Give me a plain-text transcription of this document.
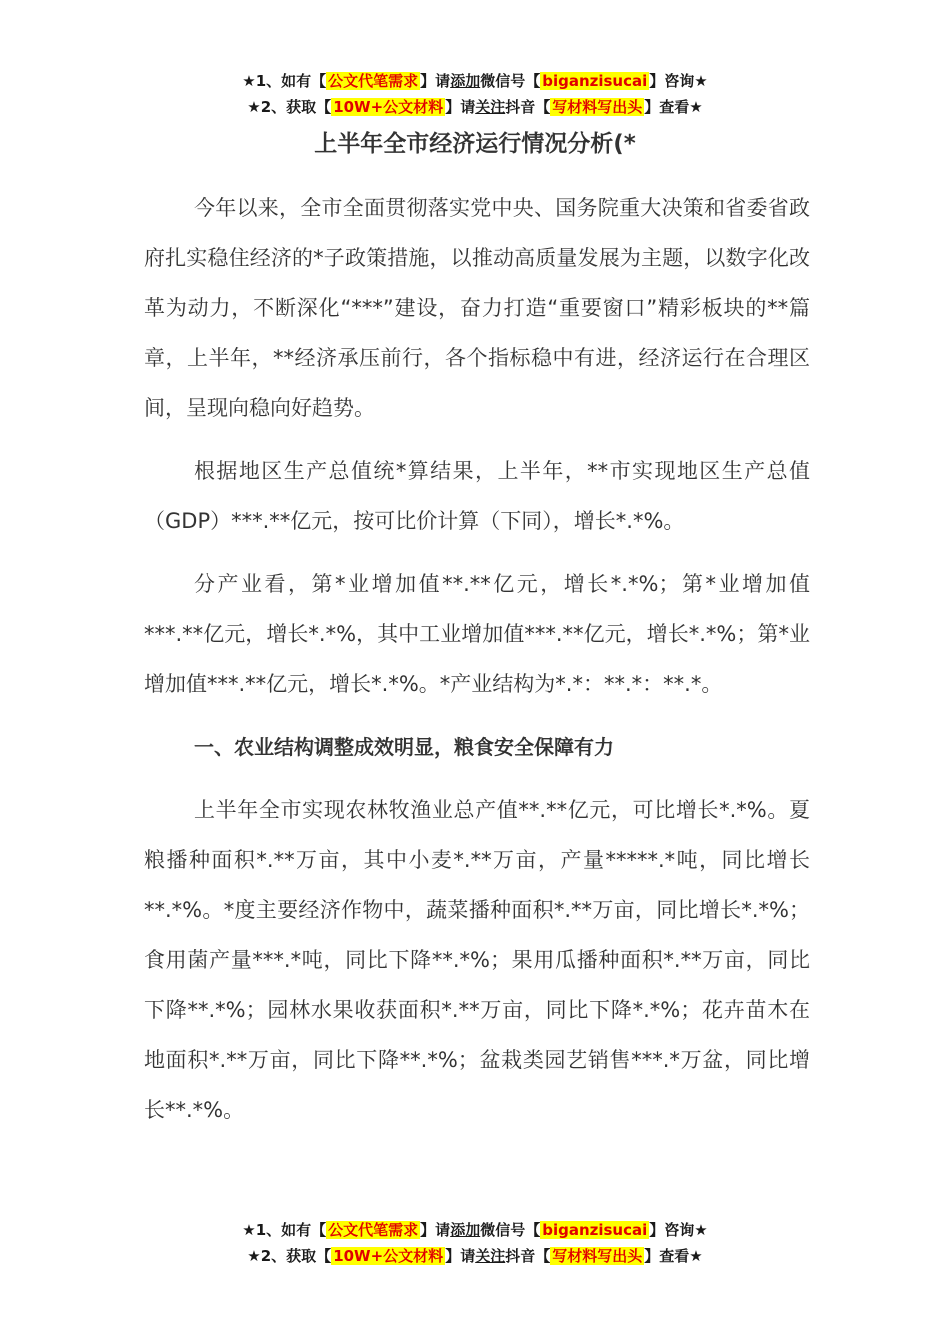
★1、如有【 公文代笔需求 】请添加微信号【 biganzisucai 】咨询★
★2、获取【 10W+公文材料 】请关注抖音【 写材料写出头 】查看★
上半年全市经济运行情况分析(*

今年以来，全市全面贯彻落实党中央、国务院重大决策和省委省政府扎实稳住经济的*子政策措施，以推动高质量发展为主题，以数字化改革为动力，不断深化“***”建设，奋力打造“重要窗口”精彩板块的**篇章，上半年，**经济承压前行，各个指标稳中有进，经济运行在合理区间，呈现向稳向好趋势。

根据地区生产总值统*算结果，上半年，**市实现地区生产总值（GDP）***.**亿元，按可比价计算（下同），增长*.*%。

分产业看，第*业增加值**.**亿元，增长*.*%；第*业增加值***.**亿元，增长*.*%，其中工业增加值***.**亿元，增长*.*%；第*业增加值***.**亿元，增长*.*%。*产业结构为*.*：**.*：**.*。

一、农业结构调整成效明显，粮食安全保障有力

上半年全市实现农林牧渔业总产值**.**亿元，可比增长*.*%。夏粮播种面积*.**万亩，其中小麦*.**万亩，产量*****.*吨，同比增长**.*%。*度主要经济作物中，蔬菜播种面积*.**万亩，同比增长*.*%；食用菌产量***.*吨，同比下降**.*%；果用瓜播种面积*.**万亩，同比下降**.*%；园林水果收获面积*.**万亩，同比下降*.*%；花卉苗木在地面积*.**万亩，同比下降**.*%；盆栽类园艺销售***.*万盆，同比增长**.*%。

★1、如有【 公文代笔需求 】请添加微信号【 biganzisucai 】咨询★
★2、获取【 10W+公文材料 】请关注抖音【 写材料写出头 】查看★
